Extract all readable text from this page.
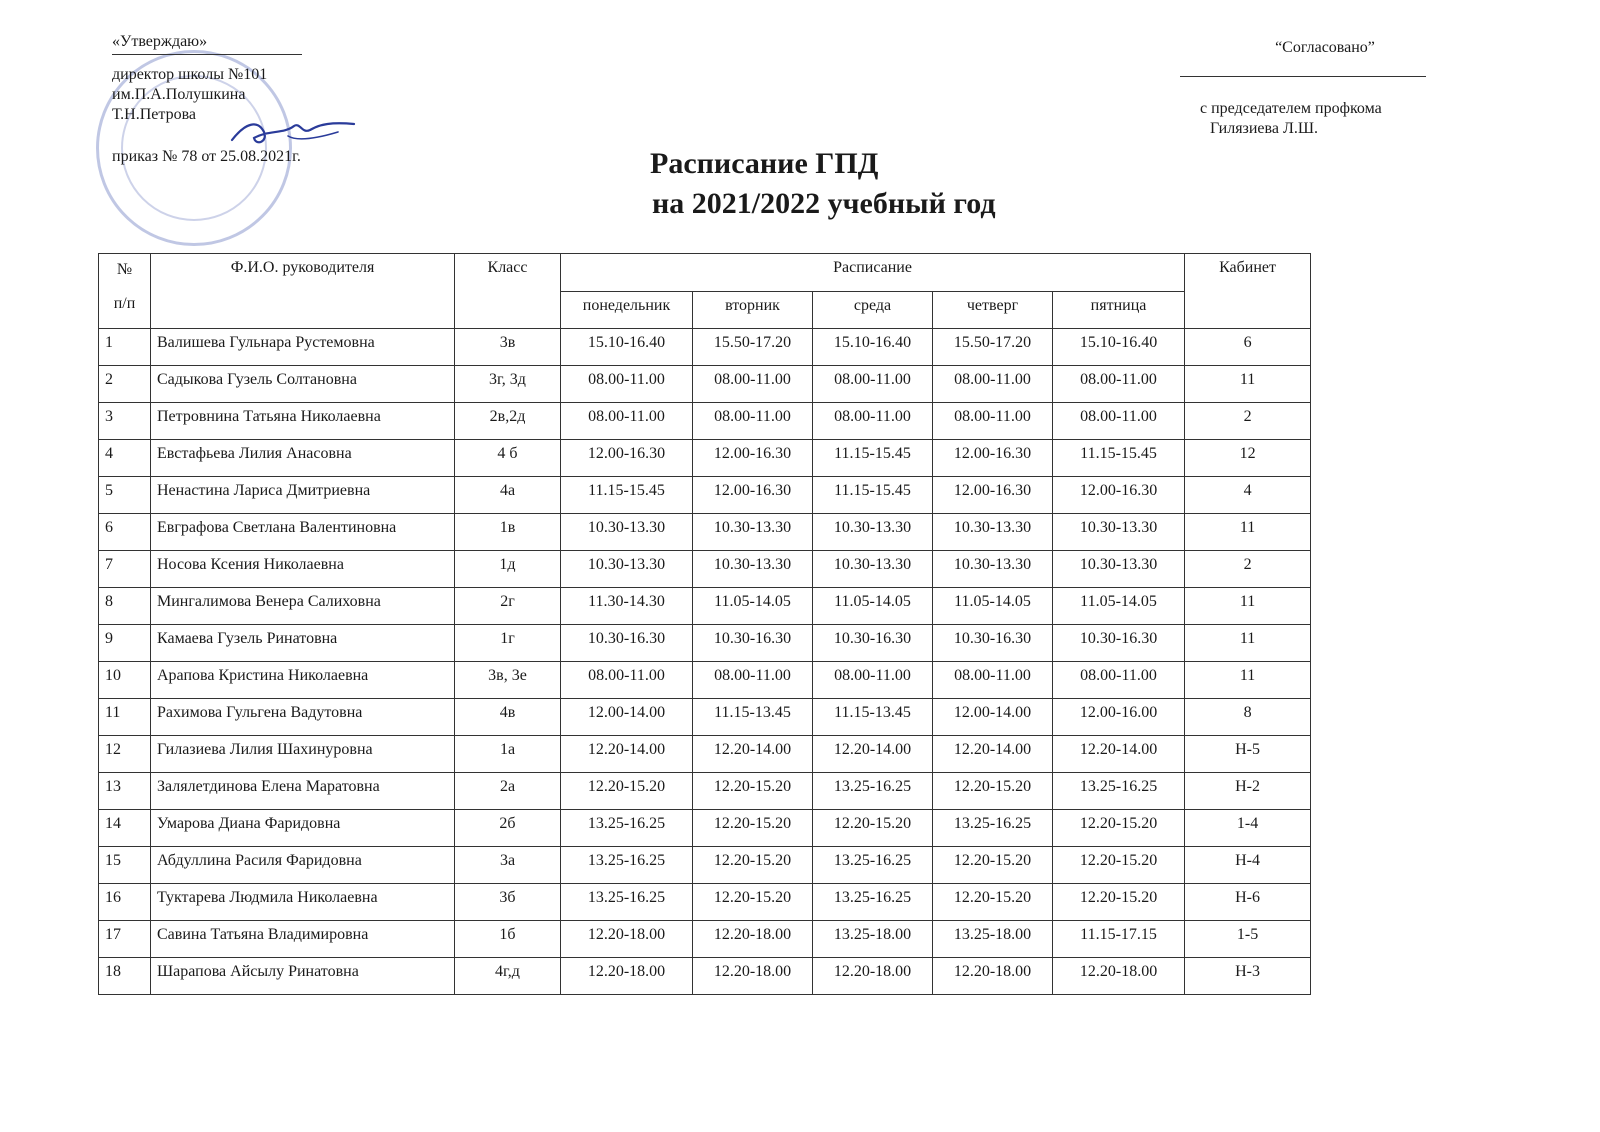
«Утверждаю»
директор школы №101
им.П.А.Полушкина
Т.Н.Петрова
приказ № 78 от 25.08.2021г.
“Согласовано”
с председателем профкома
Гилязиева Л.Ш.
Расписание ГПД
на 2021/2022 учебный год
№
п/п	Ф.И.О. руководителя	Класс	Расписание					Кабинет
			понедельник	вторник	среда	четверг	пятница	
1	Валишева Гульнара Рустемовна	3в	15.10-16.40	15.50-17.20	15.10-16.40	15.50-17.20	15.10-16.40	6
2	Садыкова Гузель Солтановна	3г, 3д	08.00-11.00	08.00-11.00	08.00-11.00	08.00-11.00	08.00-11.00	11
3	Петровнина Татьяна Николаевна	2в,2д	08.00-11.00	08.00-11.00	08.00-11.00	08.00-11.00	08.00-11.00	2
4	Евстафьева Лилия Анасовна	4 б	12.00-16.30	12.00-16.30	11.15-15.45	12.00-16.30	11.15-15.45	12
5	Ненастина Лариса Дмитриевна	4а	11.15-15.45	12.00-16.30	11.15-15.45	12.00-16.30	12.00-16.30	4
6	Евграфова Светлана Валентиновна	1в	10.30-13.30	10.30-13.30	10.30-13.30	10.30-13.30	10.30-13.30	11
7	Носова Ксения Николаевна	1д	10.30-13.30	10.30-13.30	10.30-13.30	10.30-13.30	10.30-13.30	2
8	Мингалимова Венера Салиховна	2г	11.30-14.30	11.05-14.05	11.05-14.05	11.05-14.05	11.05-14.05	11
9	Камаева Гузель Ринатовна	1г	10.30-16.30	10.30-16.30	10.30-16.30	10.30-16.30	10.30-16.30	11
10	Арапова Кристина Николаевна	3в, 3е	08.00-11.00	08.00-11.00	08.00-11.00	08.00-11.00	08.00-11.00	11
11	Рахимова Гульгена Вадутовна	4в	12.00-14.00	11.15-13.45	11.15-13.45	12.00-14.00	12.00-16.00	8
12	Гилазиева Лилия Шахинуровна	1а	12.20-14.00	12.20-14.00	12.20-14.00	12.20-14.00	12.20-14.00	Н-5
13	Залялетдинова Елена Маратовна	2а	12.20-15.20	12.20-15.20	13.25-16.25	12.20-15.20	13.25-16.25	Н-2
14	Умарова Диана Фаридовна	2б	13.25-16.25	12.20-15.20	12.20-15.20	13.25-16.25	12.20-15.20	1-4
15	Абдуллина Расиля Фаридовна	3а	13.25-16.25	12.20-15.20	13.25-16.25	12.20-15.20	12.20-15.20	Н-4
16	Туктарева Людмила Николаевна	3б	13.25-16.25	12.20-15.20	13.25-16.25	12.20-15.20	12.20-15.20	Н-6
17	Савина Татьяна Владимировна	1б	12.20-18.00	12.20-18.00	13.25-18.00	13.25-18.00	11.15-17.15	1-5
18	Шарапова Айсылу Ринатовна	4г,д	12.20-18.00	12.20-18.00	12.20-18.00	12.20-18.00	12.20-18.00	Н-3
